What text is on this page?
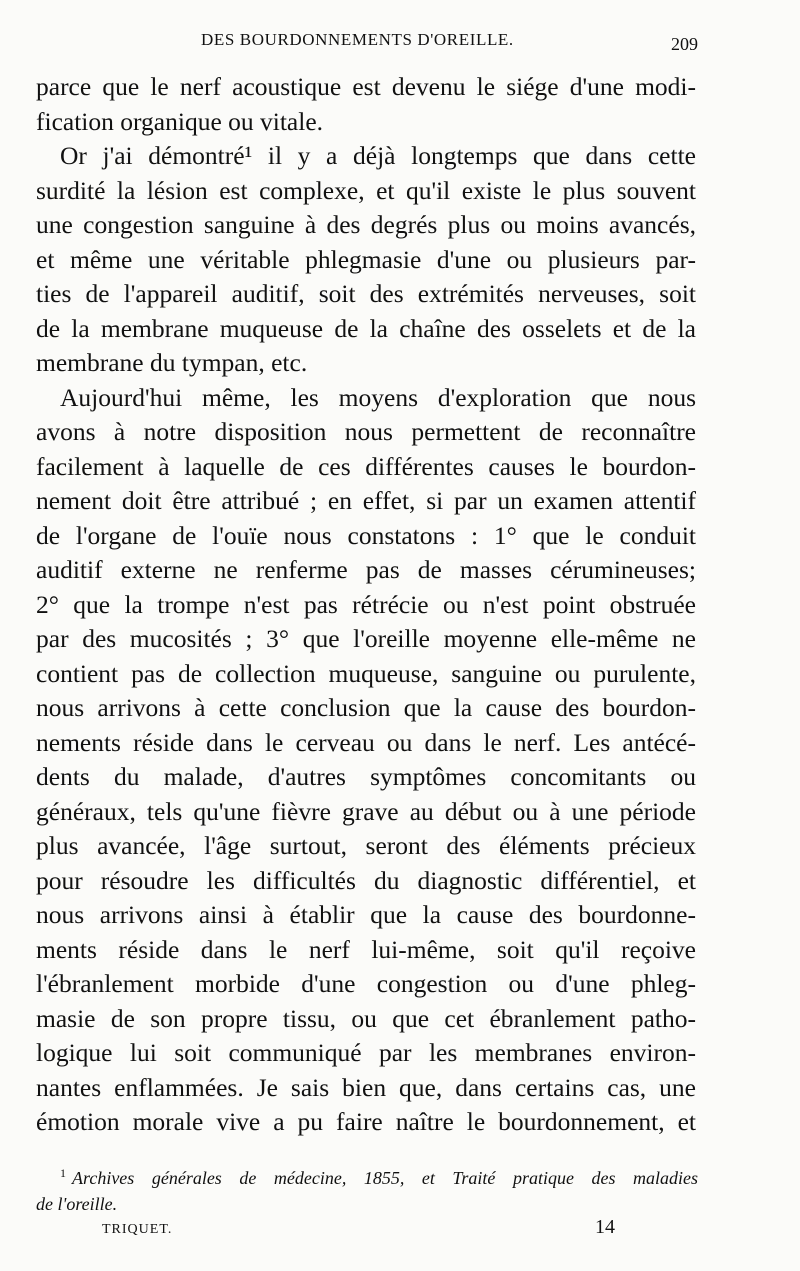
DES BOURDONNEMENTS D'OREILLE.	209
parce que le nerf acoustique est devenu le siége d'une modi-
fication organique ou vitale.
Or j'ai démontré¹ il y a déjà longtemps que dans cette
surdité la lésion est complexe, et qu'il existe le plus souvent
une congestion sanguine à des degrés plus ou moins avancés,
et même une véritable phlegmasie d'une ou plusieurs par-
ties de l'appareil auditif, soit des extrémités nerveuses, soit
de la membrane muqueuse de la chaîne des osselets et de la
membrane du tympan, etc.
Aujourd'hui même, les moyens d'exploration que nous
avons à notre disposition nous permettent de reconnaître
facilement à laquelle de ces différentes causes le bourdon-
nement doit être attribué ; en effet, si par un examen attentif
de l'organe de l'ouïe nous constatons : 1° que le conduit
auditif externe ne renferme pas de masses cérumineuses;
2° que la trompe n'est pas rétrécie ou n'est point obstruée
par des mucosités ; 3° que l'oreille moyenne elle-même ne
contient pas de collection muqueuse, sanguine ou purulente,
nous arrivons à cette conclusion que la cause des bourdon-
nements réside dans le cerveau ou dans le nerf. Les antécé-
dents du malade, d'autres symptômes concomitants ou
généraux, tels qu'une fièvre grave au début ou à une période
plus avancée, l'âge surtout, seront des éléments précieux
pour résoudre les difficultés du diagnostic différentiel, et
nous arrivons ainsi à établir que la cause des bourdonne-
ments réside dans le nerf lui-même, soit qu'il reçoive
l'ébranlement morbide d'une congestion ou d'une phleg-
masie de son propre tissu, ou que cet ébranlement patho-
logique lui soit communiqué par les membranes environ-
nantes enflammées. Je sais bien que, dans certains cas, une
émotion morale vive a pu faire naître le bourdonnement, et
$^1$ Archives générales de médecine, 1855, et Traité pratique des maladies
de l'oreille.
TRIQUET.	14
